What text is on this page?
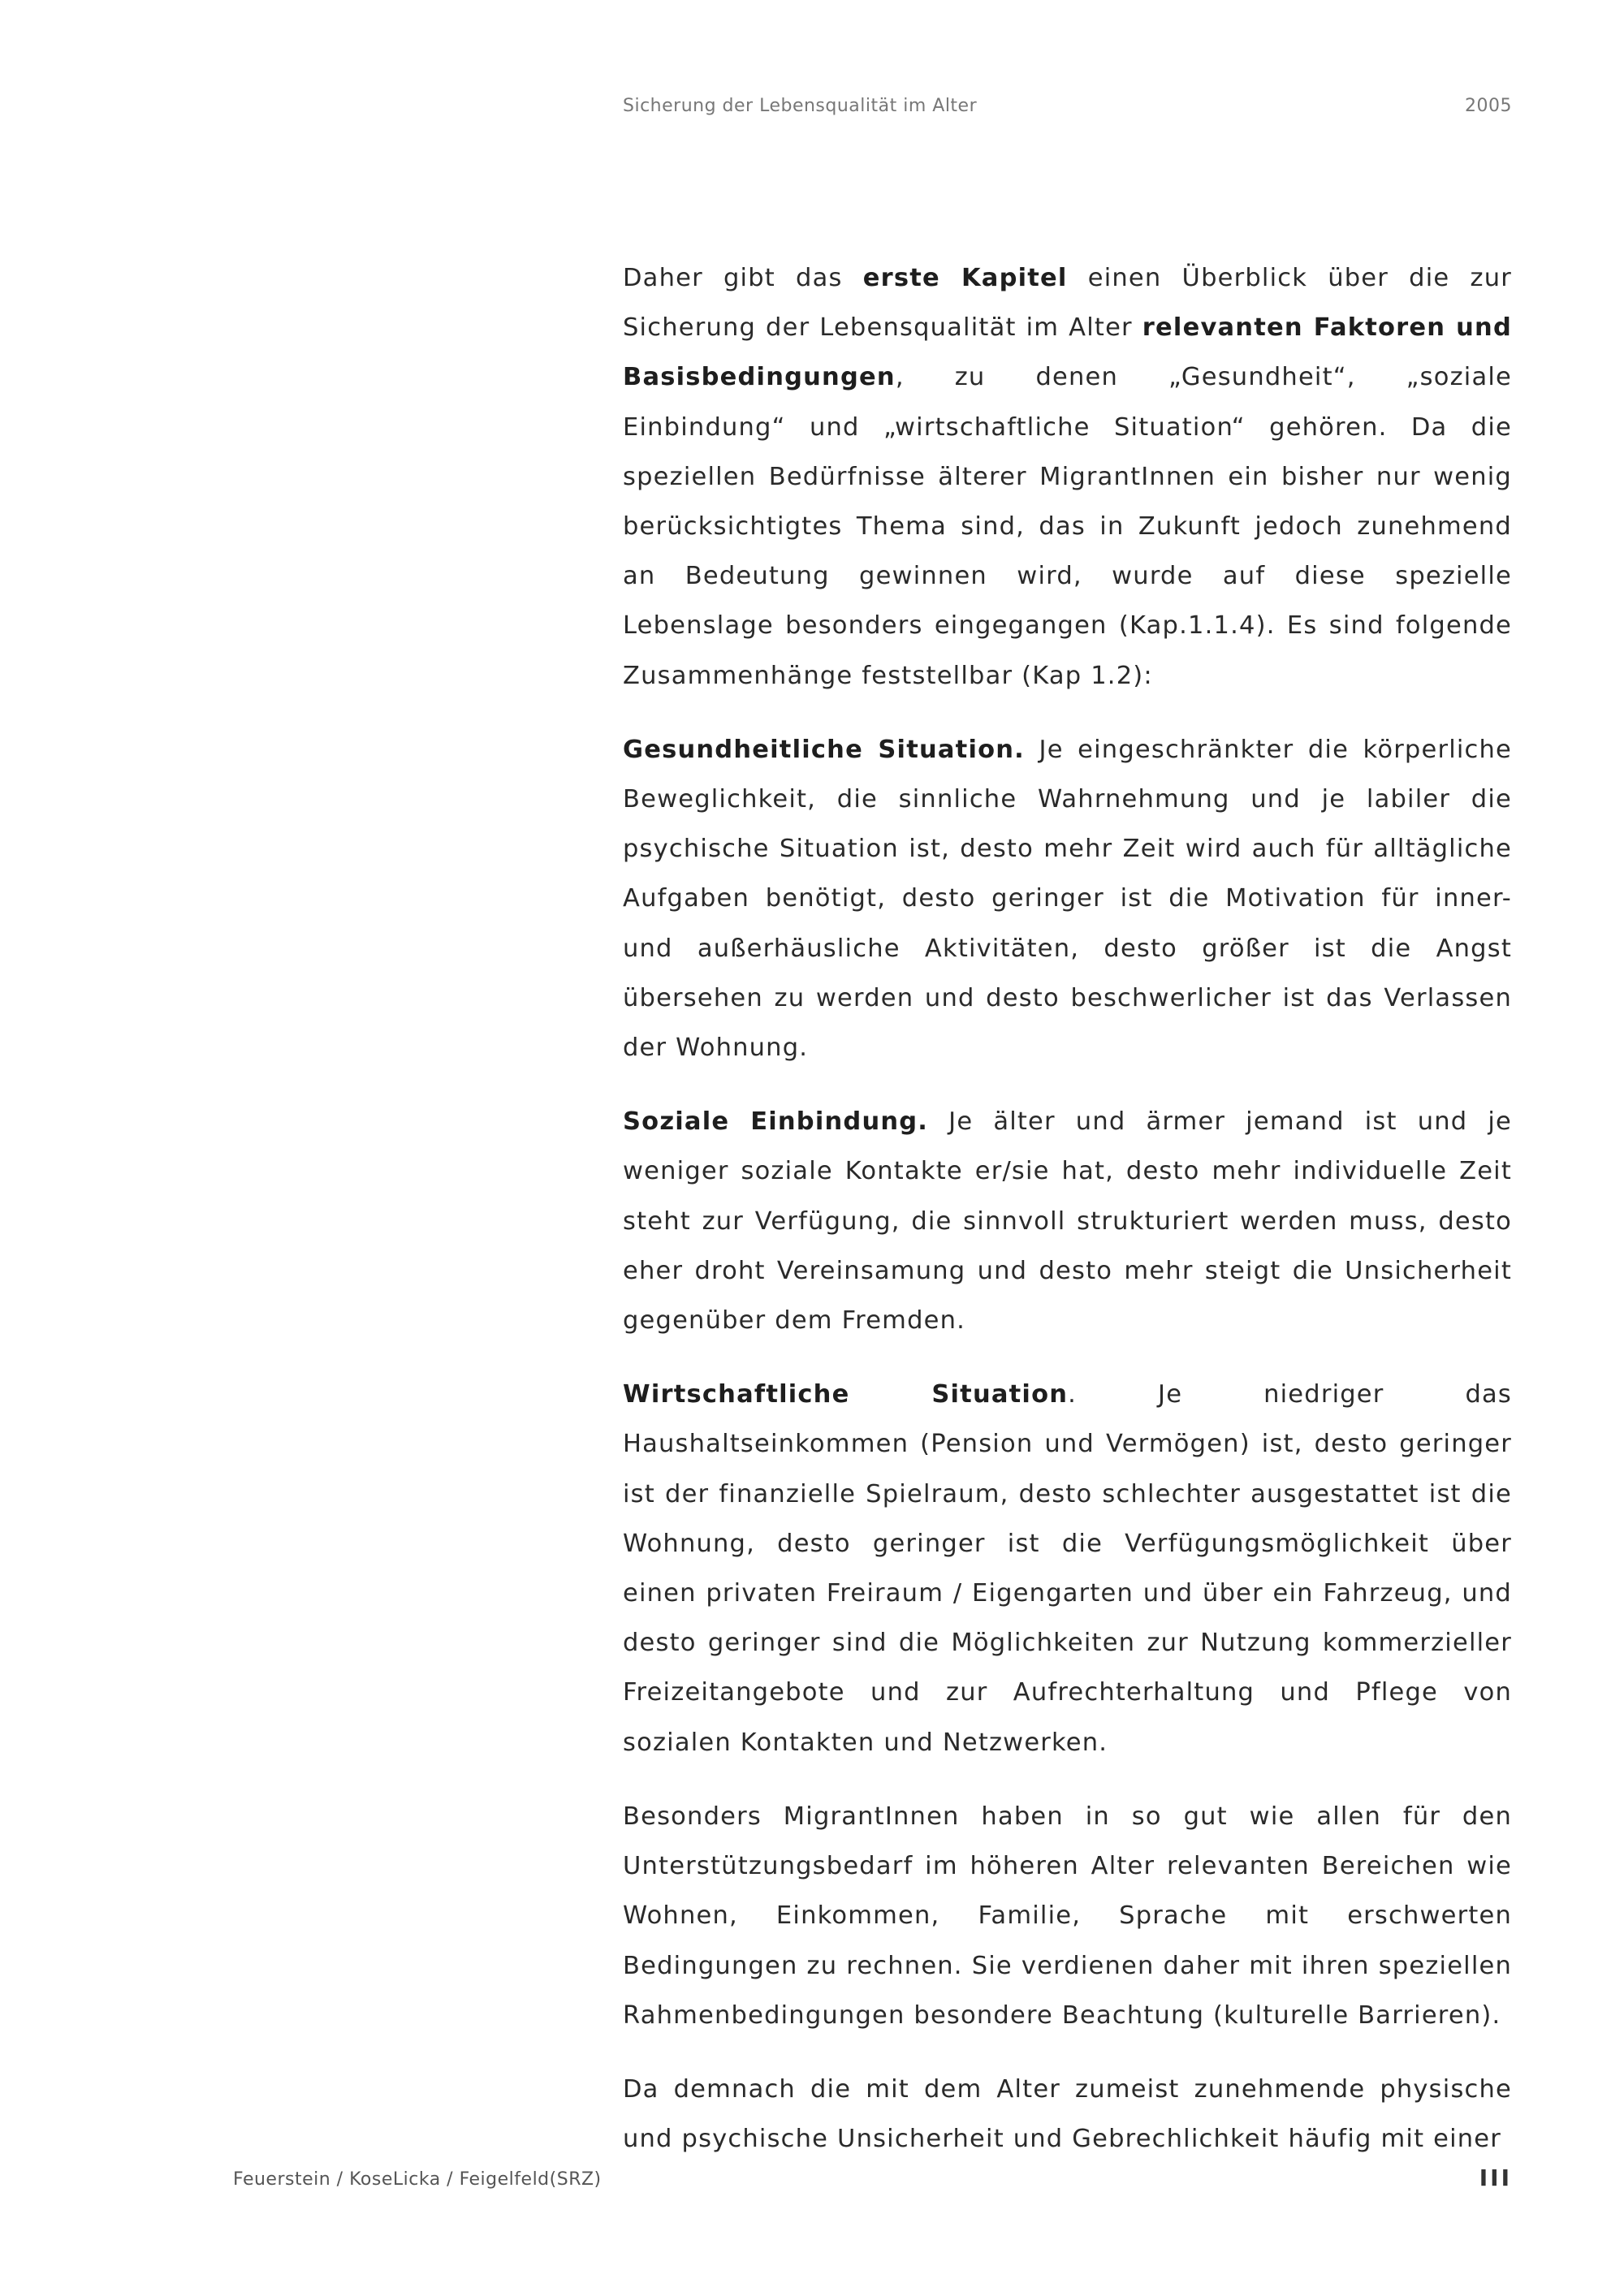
Sicherung der Lebensqualität im Alter	2005

Daher gibt das erste Kapitel einen Überblick über die zur Sicherung der Lebensqualität im Alter relevanten Faktoren und Basisbedingungen, zu denen „Gesundheit“, „soziale Einbindung“ und „wirtschaftliche Situation“ gehören. Da die speziellen Bedürfnisse älterer MigrantInnen ein bisher nur wenig berücksichtigtes Thema sind, das in Zukunft jedoch zunehmend an Bedeutung gewinnen wird, wurde auf diese spezielle Lebenslage besonders eingegangen (Kap.1.1.4). Es sind folgende Zusammenhänge feststellbar (Kap 1.2):

Gesundheitliche Situation. Je eingeschränkter die körperliche Beweglichkeit, die sinnliche Wahrnehmung und je labiler die psychische Situation ist, desto mehr Zeit wird auch für alltägliche Aufgaben benötigt, desto geringer ist die Motivation für inner- und außerhäusliche Aktivitäten, desto größer ist die Angst übersehen zu werden und desto beschwerlicher ist das Verlassen der Wohnung.

Soziale Einbindung. Je älter und ärmer jemand ist und je weniger soziale Kontakte er/sie hat, desto mehr individuelle Zeit steht zur Verfügung, die sinnvoll strukturiert werden muss, desto eher droht Vereinsamung und desto mehr steigt die Unsicherheit gegenüber dem Fremden.

Wirtschaftliche Situation. Je niedriger das Haushaltseinkommen (Pension und Vermögen) ist, desto geringer ist der finanzielle Spielraum, desto schlechter ausgestattet ist die Wohnung, desto geringer ist die Verfügungsmöglichkeit über einen privaten Freiraum / Eigengarten und über ein Fahrzeug, und desto geringer sind die Möglichkeiten zur Nutzung kommerzieller Freizeitangebote und zur Aufrechterhaltung und Pflege von sozialen Kontakten und Netzwerken.

Besonders MigrantInnen haben in so gut wie allen für den Unterstützungsbedarf im höheren Alter relevanten Bereichen wie Wohnen, Einkommen, Familie, Sprache mit erschwerten Bedingungen zu rechnen. Sie verdienen daher mit ihren speziellen Rahmenbedingungen besondere Beachtung (kulturelle Barrieren).

Da demnach die mit dem Alter zumeist zunehmende physische und psychische Unsicherheit und Gebrechlichkeit häufig mit einer

Feuerstein / KoseLicka / Feigelfeld(SRZ)	III
